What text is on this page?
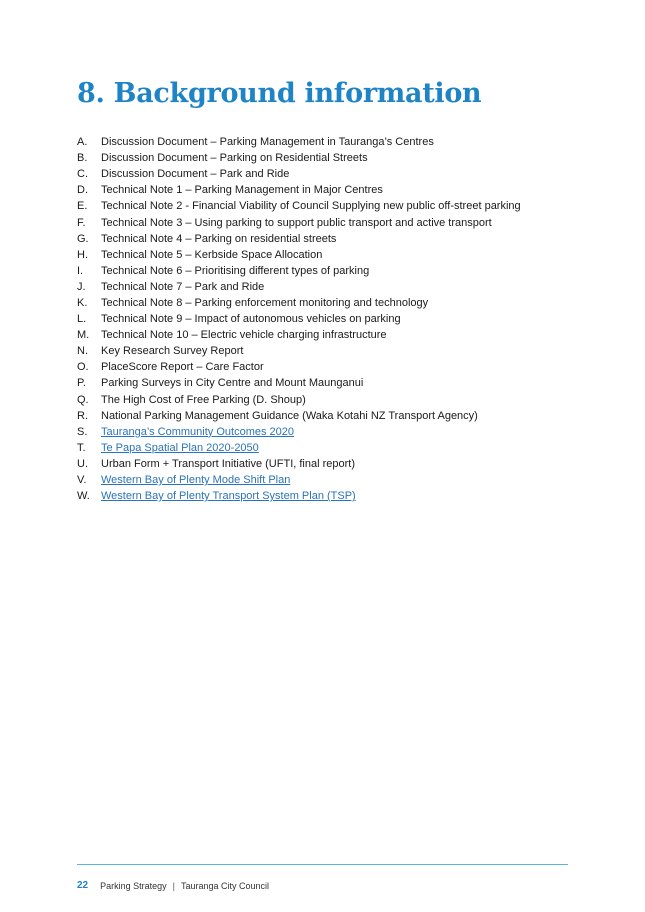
8. Background information
A.	Discussion Document – Parking Management in Tauranga’s Centres
B.	Discussion Document – Parking on Residential Streets
C.	Discussion Document – Park and Ride
D.	Technical Note 1 – Parking Management in Major Centres
E.	Technical Note 2 - Financial Viability of Council Supplying new public off-street parking
F.	Technical Note 3 – Using parking to support public transport and active transport
G.	Technical Note 4 – Parking on residential streets
H.	Technical Note 5 – Kerbside Space Allocation
I.	Technical Note 6 – Prioritising different types of parking
J.	Technical Note 7 – Park and Ride
K.	Technical Note 8 – Parking enforcement monitoring and technology
L.	Technical Note 9 – Impact of autonomous vehicles on parking
M.	Technical Note 10 – Electric vehicle charging infrastructure
N.	Key Research Survey Report
O.	PlaceScore Report – Care Factor
P.	Parking Surveys in City Centre and Mount Maunganui
Q.	The High Cost of Free Parking (D. Shoup)
R.	National Parking Management Guidance (Waka Kotahi NZ Transport Agency)
S.	Tauranga’s Community Outcomes 2020
T.	Te Papa Spatial Plan 2020-2050
U.	Urban Form + Transport Initiative (UFTI, final report)
V.	Western Bay of Plenty Mode Shift Plan
W.	Western Bay of Plenty Transport System Plan (TSP)
22 Parking Strategy | Tauranga City Council
